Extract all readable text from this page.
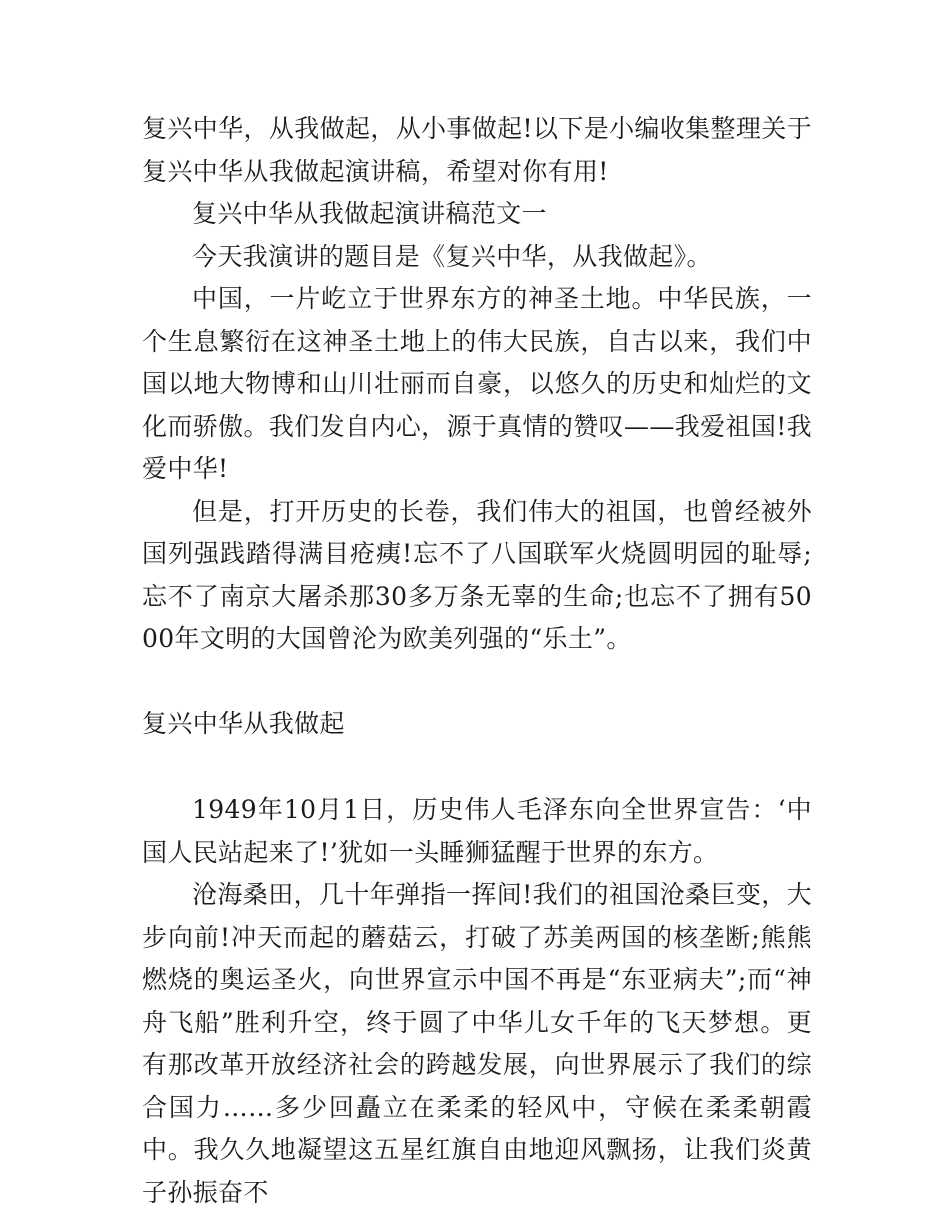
复兴中华，从我做起，从小事做起!以下是小编收集整理关于复兴中华从我做起演讲稿，希望对你有用!

复兴中华从我做起演讲稿范文一

今天我演讲的题目是《复兴中华，从我做起》。

中国，一片屹立于世界东方的神圣土地。中华民族，一个生息繁衍在这神圣土地上的伟大民族，自古以来，我们中国以地大物博和山川壮丽而自豪，以悠久的历史和灿烂的文化而骄傲。我们发自内心，源于真情的赞叹——我爱祖国!我爱中华!

但是，打开历史的长卷，我们伟大的祖国，也曾经被外国列强践踏得满目疮痍!忘不了八国联军火烧圆明园的耻辱;忘不了南京大屠杀那30多万条无辜的生命;也忘不了拥有5000年文明的大国曾沦为欧美列强的“乐土”。

复兴中华从我做起

1949年10月1日，历史伟人毛泽东向全世界宣告：‘中国人民站起来了!’犹如一头睡狮猛醒于世界的东方。

沧海桑田，几十年弹指一挥间!我们的祖国沧桑巨变，大步向前!冲天而起的蘑菇云，打破了苏美两国的核垄断;熊熊燃烧的奥运圣火，向世界宣示中国不再是“东亚病夫”;而“神舟飞船”胜利升空，终于圆了中华儿女千年的飞天梦想。更有那改革开放经济社会的跨越发展，向世界展示了我们的综合国力……多少回矗立在柔柔的轻风中，守候在柔柔朝霞中。我久久地凝望这五星红旗自由地迎风飘扬，让我们炎黄子孙振奋不
